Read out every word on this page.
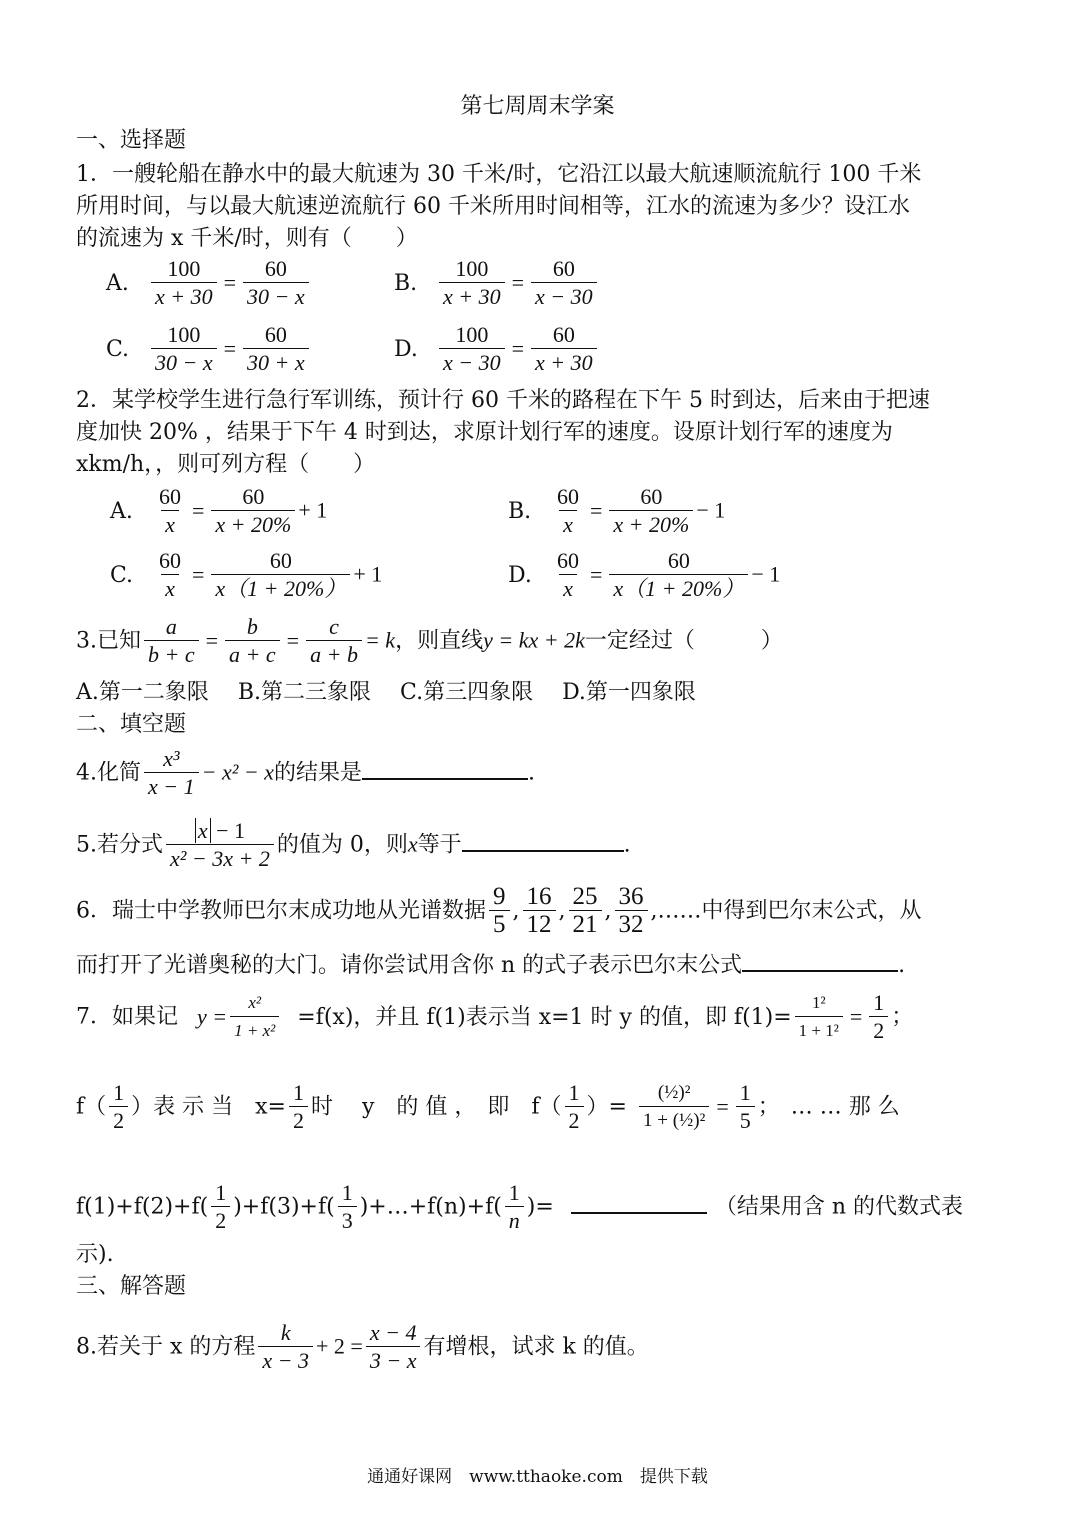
第七周周末学案
一、选择题
1．一艘轮船在静水中的最大航速为 30 千米/时，它沿江以最大航速顺流航行 100 千米
所用时间，与以最大航速逆流航行 60 千米所用时间相等，江水的流速为多少？设江水
的流速为 x 千米/时，则有（　　）
A. $\frac{100}{x + 30} = \frac{60}{30 - x}$	B. $\frac{100}{x + 30} = \frac{60}{x - 30}$
C. $\frac{100}{30 - x} = \frac{60}{30 + x}$	D. $\frac{100}{x - 30} = \frac{60}{x + 30}$
2．某学校学生进行急行军训练，预计行 60 千米的路程在下午 5 时到达，后来由于把速
度加快 20% ，结果于下午 4 时到达，求原计划行军的速度。设原计划行军的速度为
xkm/h，，则可列方程（　　）
A. $\frac{60}{x} = \frac{60}{x + 20\%} + 1$	B. $\frac{60}{x} = \frac{60}{x + 20\%} - 1$
C. $\frac{60}{x} = \frac{60}{x(1 + 20\%)} + 1$	D. $\frac{60}{x} = \frac{60}{x(1 + 20\%)} - 1$
3.已知 $\frac{a}{b + c} = \frac{b}{a + c} = \frac{c}{a + b} = k$，则直线y = kx + 2k一定经过（　　　）
A.第一二象限　 B.第二三象限　 C.第三四象限　 D.第一四象限
二、填空题
4.化简 $\frac{\text{x³}}{x - 1} - x^2 - x$的结果是	.
5.若分式 $\frac{x - 1}{\text{x² − 3x + 2}}$ 的值为 0，则x等于	.
6．瑞士中学教师巴尔末成功地从光谱数据 $\frac{9}{5}$ , $\frac{16}{12}$ , $\frac{25}{21}$ , $\frac{36}{32}$ ,……中得到巴尔末公式，从
而打开了光谱奥秘的大门。请你尝试用含你 n 的式子表示巴尔末公式	.
7．如果记 $y = \frac{\text{x²}}{\text{1 + x²}} =f(x)$，并且 f(1)表示当 x=1 时 y 的值，即 $f(1)= \frac{\text{1²}}{\text{1 + 1²}} = \frac{1}{2}$ ；
$f( \frac{1}{2}$ ）表 示 当　$x= \frac{1}{2}$ 时　 y　的 值 ，　即　$f( \frac{1}{2}$ ）= $\frac{\text{(½)²}}{\text{1 + (½)²}} = \frac{1}{5}$ ；　… … 那 么
$f(1)+f(2)+f( \frac{1}{2} )+f(3)+f( \frac{1}{3}$ )+…+f(n)+f( $\frac{1}{n}$ )=	（结果用含 n 的代数式表
示).
三、解答题
8.若关于 x 的方程 $\frac{k}{x - 3} + 2 = \frac{x - 4}{3 - x}$ 有增根，试求 k 的值。
通通好课网　www.tthaoke.com　提供下载
